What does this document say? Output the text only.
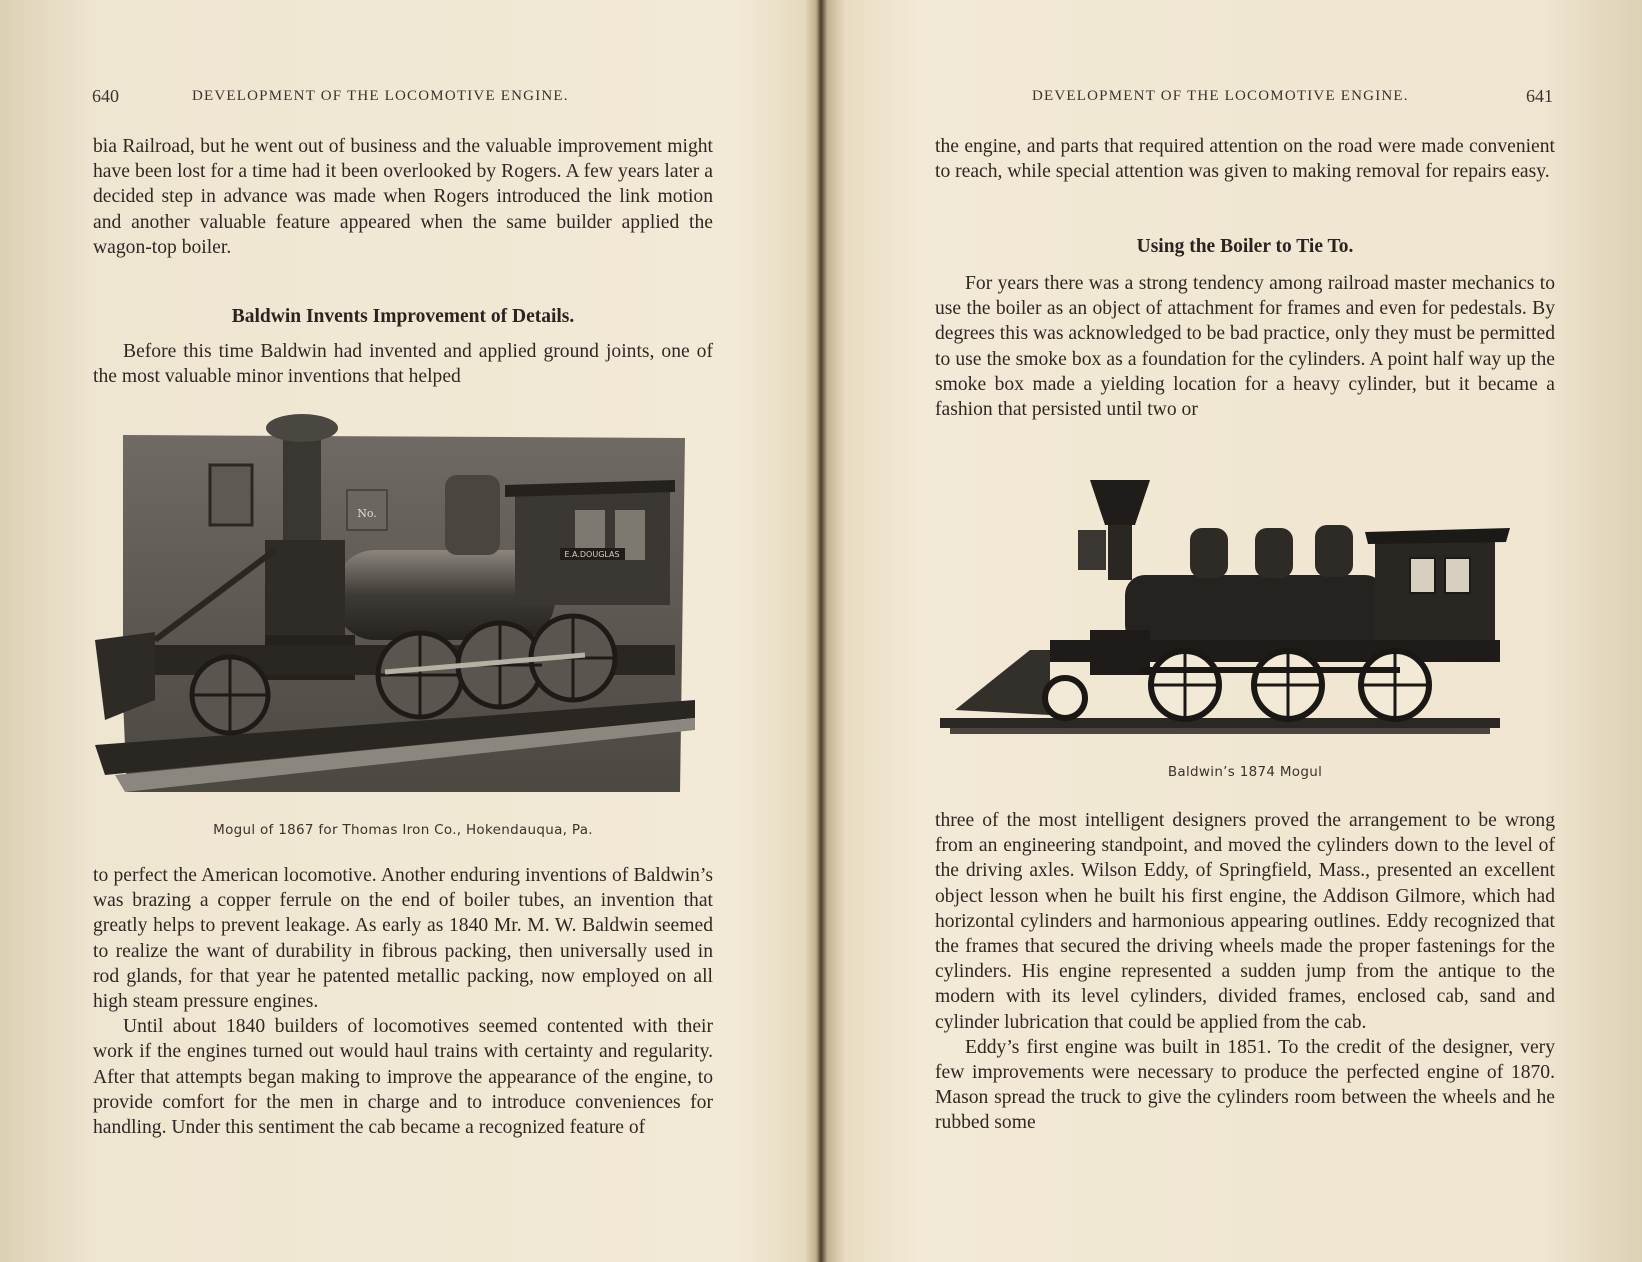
640	DEVELOPMENT OF THE LOCOMOTIVE ENGINE.

bia Railroad, but he went out of business and the valuable improvement might have been lost for a time had it been overlooked by Rogers. A few years later a decided step in advance was made when Rogers introduced the link motion and another valuable feature appeared when the same builder applied the wagon-top boiler.

Baldwin Invents Improvement of Details.

Before this time Baldwin had invented and applied ground joints, one of the most valuable minor inventions that helped

No.
E.A.DOUGLAS
Mogul of 1867 for Thomas Iron Co., Hokendauqua, Pa.

to perfect the American locomotive. Another enduring inventions of Baldwin’s was brazing a copper ferrule on the end of boiler tubes, an invention that greatly helps to prevent leakage. As early as 1840 Mr. M. W. Baldwin seemed to realize the want of durability in fibrous packing, then universally used in rod glands, for that year he patented metallic packing, now employed on all high steam pressure engines.

Until about 1840 builders of locomotives seemed contented with their work if the engines turned out would haul trains with certainty and regularity. After that attempts began making to improve the appearance of the engine, to provide comfort for the men in charge and to introduce conveniences for handling. Under this sentiment the cab became a recognized feature of

DEVELOPMENT OF THE LOCOMOTIVE ENGINE.	641

the engine, and parts that required attention on the road were made convenient to reach, while special attention was given to making removal for repairs easy.

Using the Boiler to Tie To.

For years there was a strong tendency among railroad master mechanics to use the boiler as an object of attachment for frames and even for pedestals. By degrees this was acknowledged to be bad practice, only they must be permitted to use the smoke box as a foundation for the cylinders. A point half way up the smoke box made a yielding location for a heavy cylinder, but it became a fashion that persisted until two or

Baldwin’s 1874 Mogul

three of the most intelligent designers proved the arrangement to be wrong from an engineering standpoint, and moved the cylinders down to the level of the driving axles. Wilson Eddy, of Springfield, Mass., presented an excellent object lesson when he built his first engine, the Addison Gilmore, which had horizontal cylinders and harmonious appearing outlines. Eddy recognized that the frames that secured the driving wheels made the proper fastenings for the cylinders. His engine represented a sudden jump from the antique to the modern with its level cylinders, divided frames, enclosed cab, sand and cylinder lubrication that could be applied from the cab.

Eddy’s first engine was built in 1851. To the credit of the designer, very few improvements were necessary to produce the perfected engine of 1870. Mason spread the truck to give the cylinders room between the wheels and he rubbed some
